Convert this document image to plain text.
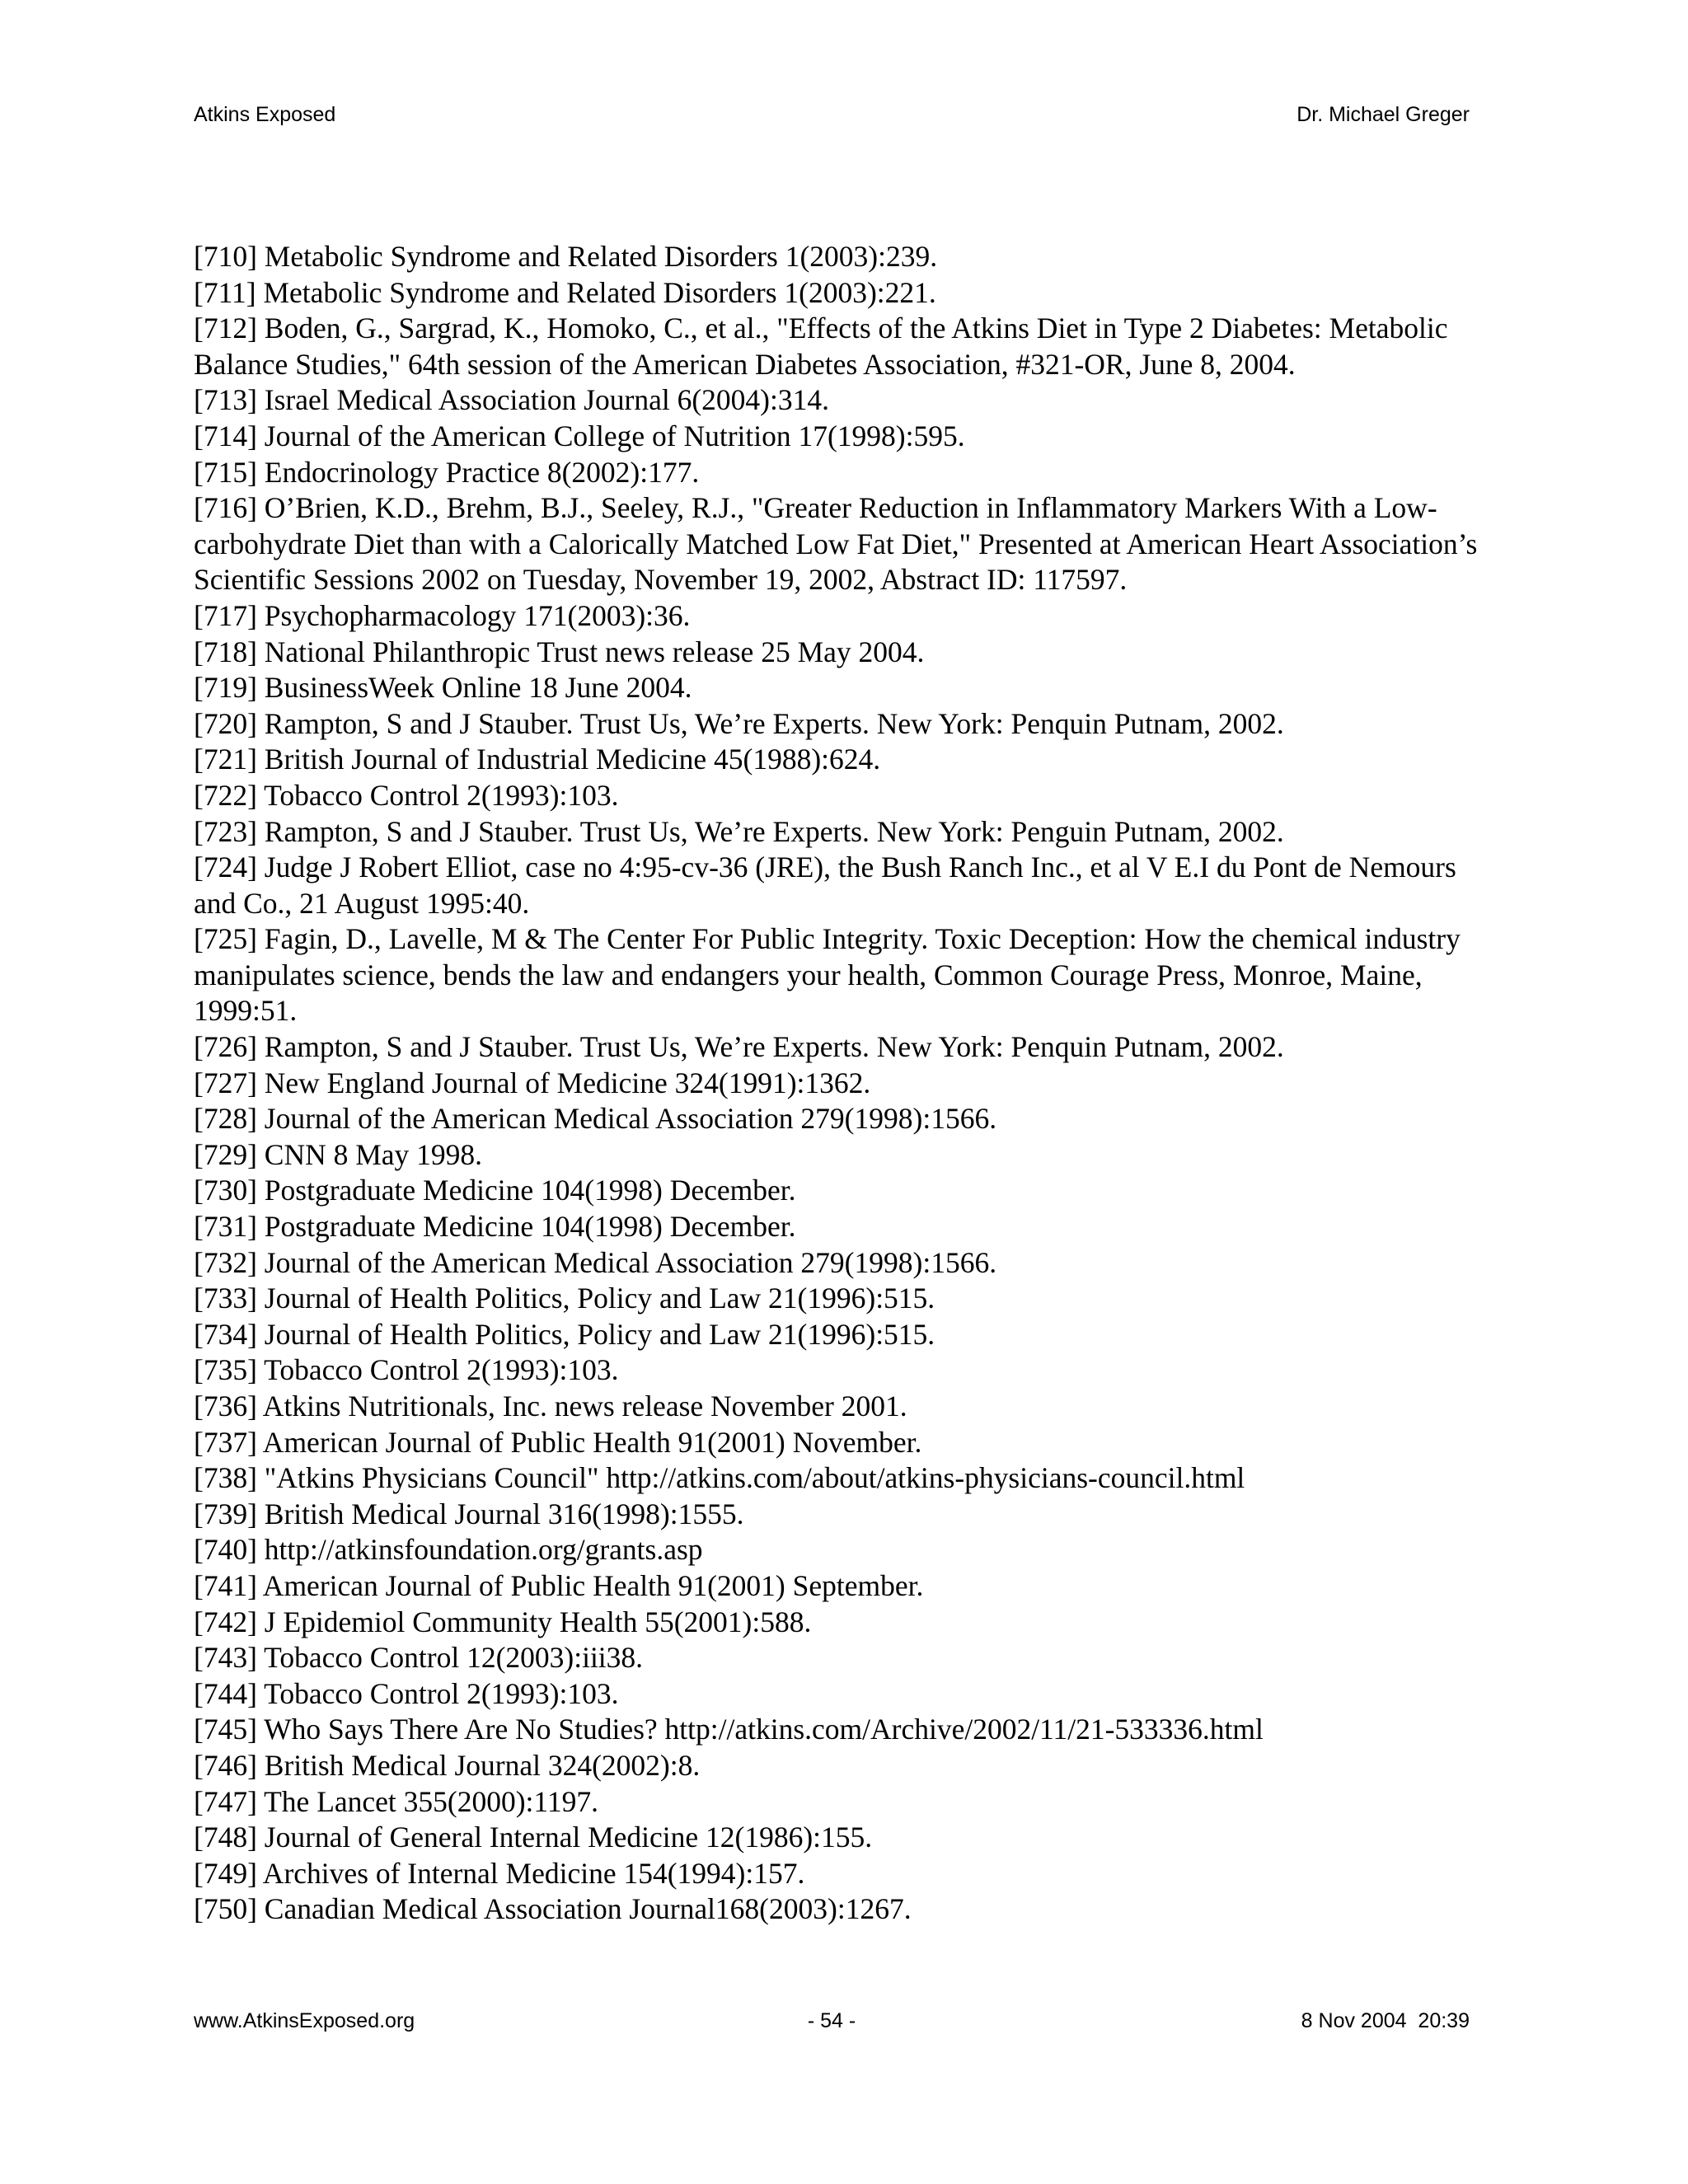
Atkins Exposed	Dr. Michael Greger
[710] Metabolic Syndrome and Related Disorders 1(2003):239.
[711] Metabolic Syndrome and Related Disorders 1(2003):221.
[712] Boden, G., Sargrad, K., Homoko, C., et al., "Effects of the Atkins Diet in Type 2 Diabetes: Metabolic Balance Studies," 64th session of the American Diabetes Association, #321-OR, June 8, 2004.
[713] Israel Medical Association Journal 6(2004):314.
[714] Journal of the American College of Nutrition 17(1998):595.
[715] Endocrinology Practice 8(2002):177.
[716] O’Brien, K.D., Brehm, B.J., Seeley, R.J., "Greater Reduction in Inflammatory Markers With a Low-carbohydrate Diet than with a Calorically Matched Low Fat Diet," Presented at American Heart Association’s Scientific Sessions 2002 on Tuesday, November 19, 2002, Abstract ID: 117597.
[717] Psychopharmacology 171(2003):36.
[718] National Philanthropic Trust news release 25 May 2004.
[719] BusinessWeek Online 18 June 2004.
[720] Rampton, S and J Stauber. Trust Us, We’re Experts. New York: Penquin Putnam, 2002.
[721] British Journal of Industrial Medicine 45(1988):624.
[722] Tobacco Control 2(1993):103.
[723] Rampton, S and J Stauber. Trust Us, We’re Experts. New York: Penguin Putnam, 2002.
[724] Judge J Robert Elliot, case no 4:95-cv-36 (JRE), the Bush Ranch Inc., et al V E.I du Pont de Nemours and Co., 21 August 1995:40.
[725] Fagin, D., Lavelle, M & The Center For Public Integrity. Toxic Deception: How the chemical industry manipulates science, bends the law and endangers your health, Common Courage Press, Monroe, Maine, 1999:51.
[726] Rampton, S and J Stauber. Trust Us, We’re Experts. New York: Penquin Putnam, 2002.
[727] New England Journal of Medicine 324(1991):1362.
[728] Journal of the American Medical Association 279(1998):1566.
[729] CNN 8 May 1998.
[730] Postgraduate Medicine 104(1998) December.
[731] Postgraduate Medicine 104(1998) December.
[732] Journal of the American Medical Association 279(1998):1566.
[733] Journal of Health Politics, Policy and Law 21(1996):515.
[734] Journal of Health Politics, Policy and Law 21(1996):515.
[735] Tobacco Control 2(1993):103.
[736] Atkins Nutritionals, Inc. news release November 2001.
[737] American Journal of Public Health 91(2001) November.
[738] "Atkins Physicians Council" http://atkins.com/about/atkins-physicians-council.html
[739] British Medical Journal 316(1998):1555.
[740] http://atkinsfoundation.org/grants.asp
[741] American Journal of Public Health 91(2001) September.
[742] J Epidemiol Community Health 55(2001):588.
[743] Tobacco Control 12(2003):iii38.
[744] Tobacco Control 2(1993):103.
[745] Who Says There Are No Studies? http://atkins.com/Archive/2002/11/21-533336.html
[746] British Medical Journal 324(2002):8.
[747] The Lancet 355(2000):1197.
[748] Journal of General Internal Medicine 12(1986):155.
[749] Archives of Internal Medicine 154(1994):157.
[750] Canadian Medical Association Journal168(2003):1267.
www.AtkinsExposed.org	- 54 -	8 Nov 2004  20:39
